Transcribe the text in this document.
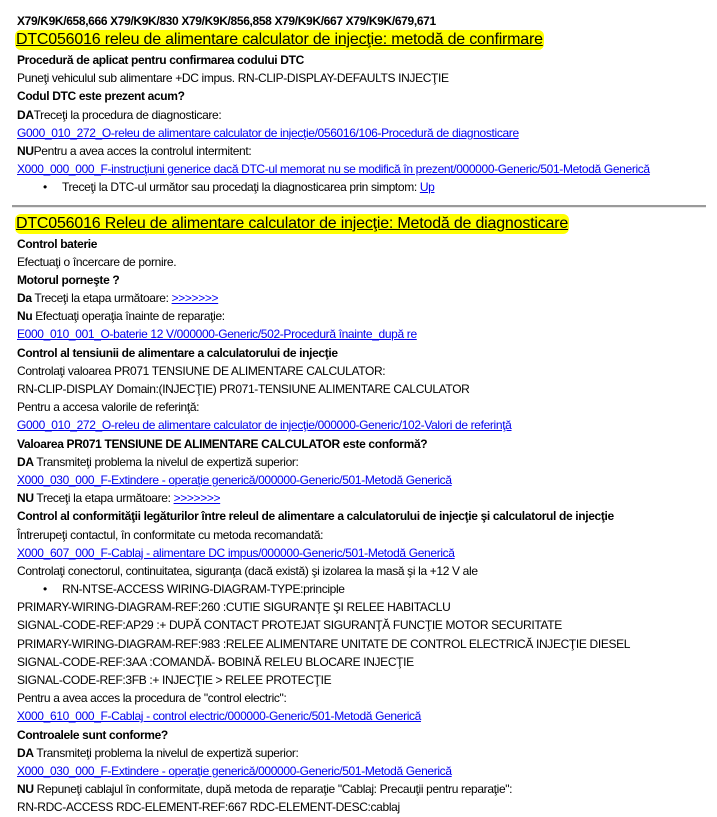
X79/K9K/658,666 X79/K9K/830 X79/K9K/856,858 X79/K9K/667 X79/K9K/679,671
DTC056016 releu de alimentare calculator de injecţie: metodă de confirmare
Procedură de aplicat pentru confirmarea codului DTC
Puneţi vehiculul sub alimentare +DC impus. RN-CLIP-DISPLAY-DEFAULTS INJECŢIE
Codul DTC este prezent acum?
DATreceţi la procedura de diagnosticare:
G000_010_272_O-releu de alimentare calculator de injecţie/056016/106-Procedură de diagnosticare
NUPentru a avea acces la controlul intermitent:
X000_000_000_F-instrucţiuni generice dacă DTC-ul memorat nu se modifică în prezent/000000-Generic/501-Metodă Generică
• Treceţi la DTC-ul următor sau procedaţi la diagnosticarea prin simptom: Up
DTC056016 Releu de alimentare calculator de injecţie: Metodă de diagnosticare
Control baterie
Efectuaţi o încercare de pornire.
Motorul porneşte ?
Da Treceţi la etapa următoare: >>>>>>>
Nu Efectuaţi operaţia înainte de reparaţie:
E000_010_001_O-baterie 12 V/000000-Generic/502-Procedură înainte_după re
Control al tensiunii de alimentare a calculatorului de injecţie
Controlaţi valoarea PR071 TENSIUNE DE ALIMENTARE CALCULATOR:
RN-CLIP-DISPLAY Domain:(INJECŢIE) PR071-TENSIUNE ALIMENTARE CALCULATOR
Pentru a accesa valorile de referinţă:
G000_010_272_O-releu de alimentare calculator de injecţie/000000-Generic/102-Valori de referinţă
Valoarea PR071 TENSIUNE DE ALIMENTARE CALCULATOR este conformă?
DA Transmiteţi problema la nivelul de expertiză superior:
X000_030_000_F-Extindere - operaţie generică/000000-Generic/501-Metodă Generică
NU Treceţi la etapa următoare: >>>>>>>
Control al conformităţii legăturilor între releul de alimentare a calculatorului de injecţie şi calculatorul de injecţie
Întrerupeţi contactul, în conformitate cu metoda recomandată:
X000_607_000_F-Cablaj - alimentare DC impus/000000-Generic/501-Metodă Generică
Controlaţi conectorul, continuitatea, siguranţa (dacă există) şi izolarea la masă şi la +12 V ale
• RN-NTSE-ACCESS WIRING-DIAGRAM-TYPE:principle
PRIMARY-WIRING-DIAGRAM-REF:260 :CUTIE SIGURANŢE ŞI RELEE HABITACLU
SIGNAL-CODE-REF:AP29 :+ DUPĂ CONTACT PROTEJAT SIGURANŢĂ FUNCŢIE MOTOR SECURITATE
PRIMARY-WIRING-DIAGRAM-REF:983 :RELEE ALIMENTARE UNITATE DE CONTROL ELECTRICĂ INJECŢIE DIESEL
SIGNAL-CODE-REF:3AA :COMANDĂ- BOBINĂ RELEU BLOCARE INJECŢIE
SIGNAL-CODE-REF:3FB :+ INJECŢIE > RELEE PROTECŢIE
Pentru a avea acces la procedura de "control electric":
X000_610_000_F-Cablaj - control electric/000000-Generic/501-Metodă Generică
Controalele sunt conforme?
DA Transmiteţi problema la nivelul de expertiză superior:
X000_030_000_F-Extindere - operaţie generică/000000-Generic/501-Metodă Generică
NU Repuneţi cablajul în conformitate, după metoda de reparaţie "Cablaj: Precauţii pentru reparaţie":
RN-RDC-ACCESS RDC-ELEMENT-REF:667 RDC-ELEMENT-DESC:cablaj
